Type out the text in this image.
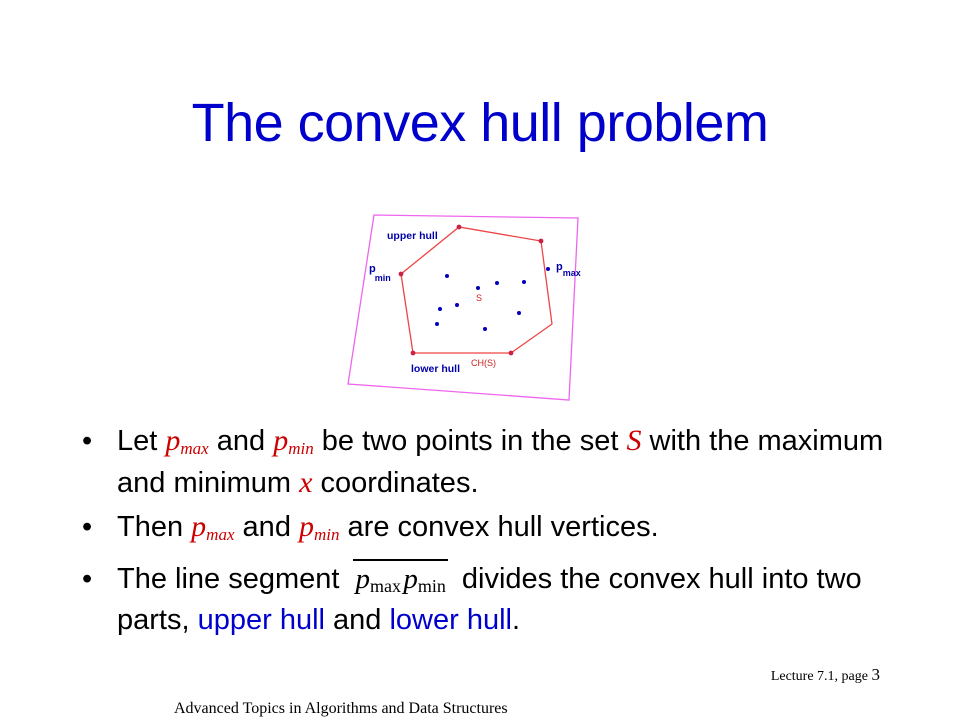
The convex hull problem
upper hull
lower hull
pmin
$p_{max}$
S
CH(S)
• Let $p_{max}$ and $p_{min}$ be two points in the set S with the maximum and minimum x coordinates.
• Then $p_{max}$ and $p_{min}$ are convex hull vertices.
• The line segment pmax pmin divides the convex hull into two parts, upper hull and lower hull.
Lecture 7.1, page 3
Advanced Topics in Algorithms and Data Structures
